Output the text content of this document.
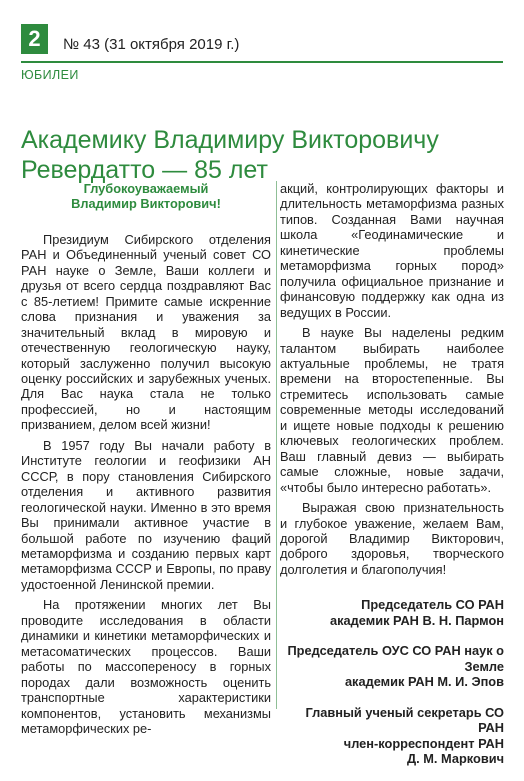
2	№ 43 (31 октября 2019 г.)
ЮБИЛЕИ
Академику Владимиру Викторовичу Ревердатто — 85 лет
Глубокоуважаемый
Владимир Викторович!

Президиум Сибирского отделения РАН и Объединенный ученый совет СО РАН науке о Земле, Ваши коллеги и друзья от всего сердца поздравляют Вас с 85-летием! Примите самые искренние слова признания и уважения за значительный вклад в мировую и отечественную геологическую науку, который заслуженно получил высокую оценку российских и зарубежных ученых. Для Вас наука стала не только профессией, но и настоящим призванием, делом всей жизни!

В 1957 году Вы начали работу в Институте геологии и геофизики АН СССР, в пору становления Сибирского отделения и активного развития геологической науки. Именно в это время Вы принимали активное участие в большой работе по изучению фаций метаморфизма и созданию первых карт метаморфизма СССР и Европы, по праву удостоенной Ленинской премии.

На протяжении многих лет Вы проводите исследования в области динамики и кинетики метаморфических и метасоматических процессов. Ваши работы по массопереносу в горных породах дали возможность оценить транспортные характеристики компонентов, установить механизмы метаморфических ре-

акций, контролирующих факторы и длительность метаморфизма разных типов. Созданная Вами научная школа «Геодинамические и кинетические проблемы метаморфизма горных пород» получила официальное признание и финансовую поддержку как одна из ведущих в России.

В науке Вы наделены редким талантом выбирать наиболее актуальные проблемы, не тратя времени на второстепенные. Вы стремитесь использовать самые современные методы исследований и ищете новые подходы к решению ключевых геологических проблем. Ваш главный девиз — выбирать самые сложные, новые задачи, «чтобы было интересно работать».

Выражая свою признательность и глубокое уважение, желаем Вам, дорогой Владимир Викторович, доброго здоровья, творческого долголетия и благополучия!

Председатель СО РАН

академик РАН В. Н. Пармон

Председатель ОУС СО РАН наук о Земле

академик РАН М. И. Эпов

Главный ученый секретарь СО РАН

член-корреспондент РАН

Д. М. Маркович
